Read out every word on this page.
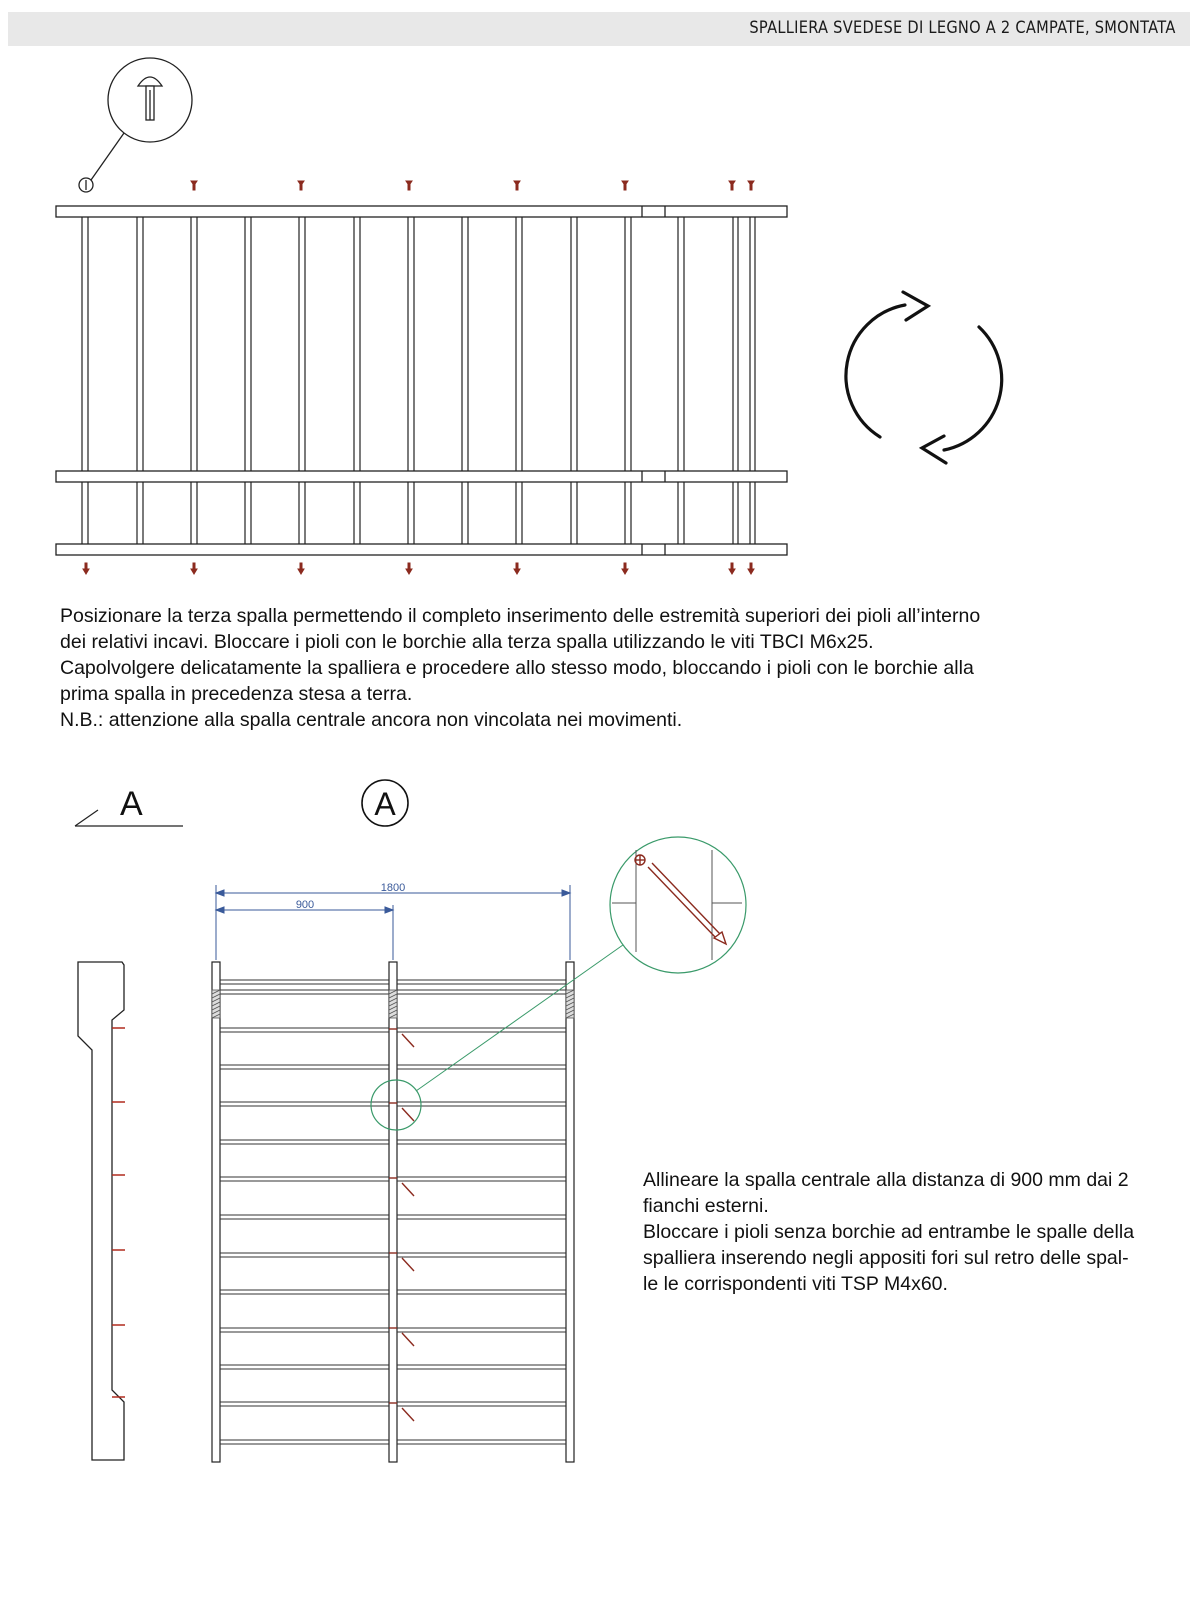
SPALLIERA SVEDESE DI LEGNO A 2 CAMPATE, SMONTATA
Posizionare la terza spalla permettendo il completo inserimento delle estremità superiori dei pioli all’interno
dei relativi incavi. Bloccare i pioli con le borchie alla terza spalla utilizzando le viti TBCI M6x25.
Capolvolgere delicatamente la spalliera e procedere allo stesso modo, bloccando i pioli con le borchie alla
prima spalla in precedenza stesa a terra.
N.B.: attenzione alla spalla centrale ancora non vincolata nei movimenti.
A	A
1800
900
Allineare la spalla centrale alla distanza di 900 mm dai 2
fianchi esterni.
Bloccare i pioli senza borchie ad entrambe le spalle della
spalliera inserendo negli appositi fori sul retro delle spal-
le le corrispondenti viti TSP M4x60.
